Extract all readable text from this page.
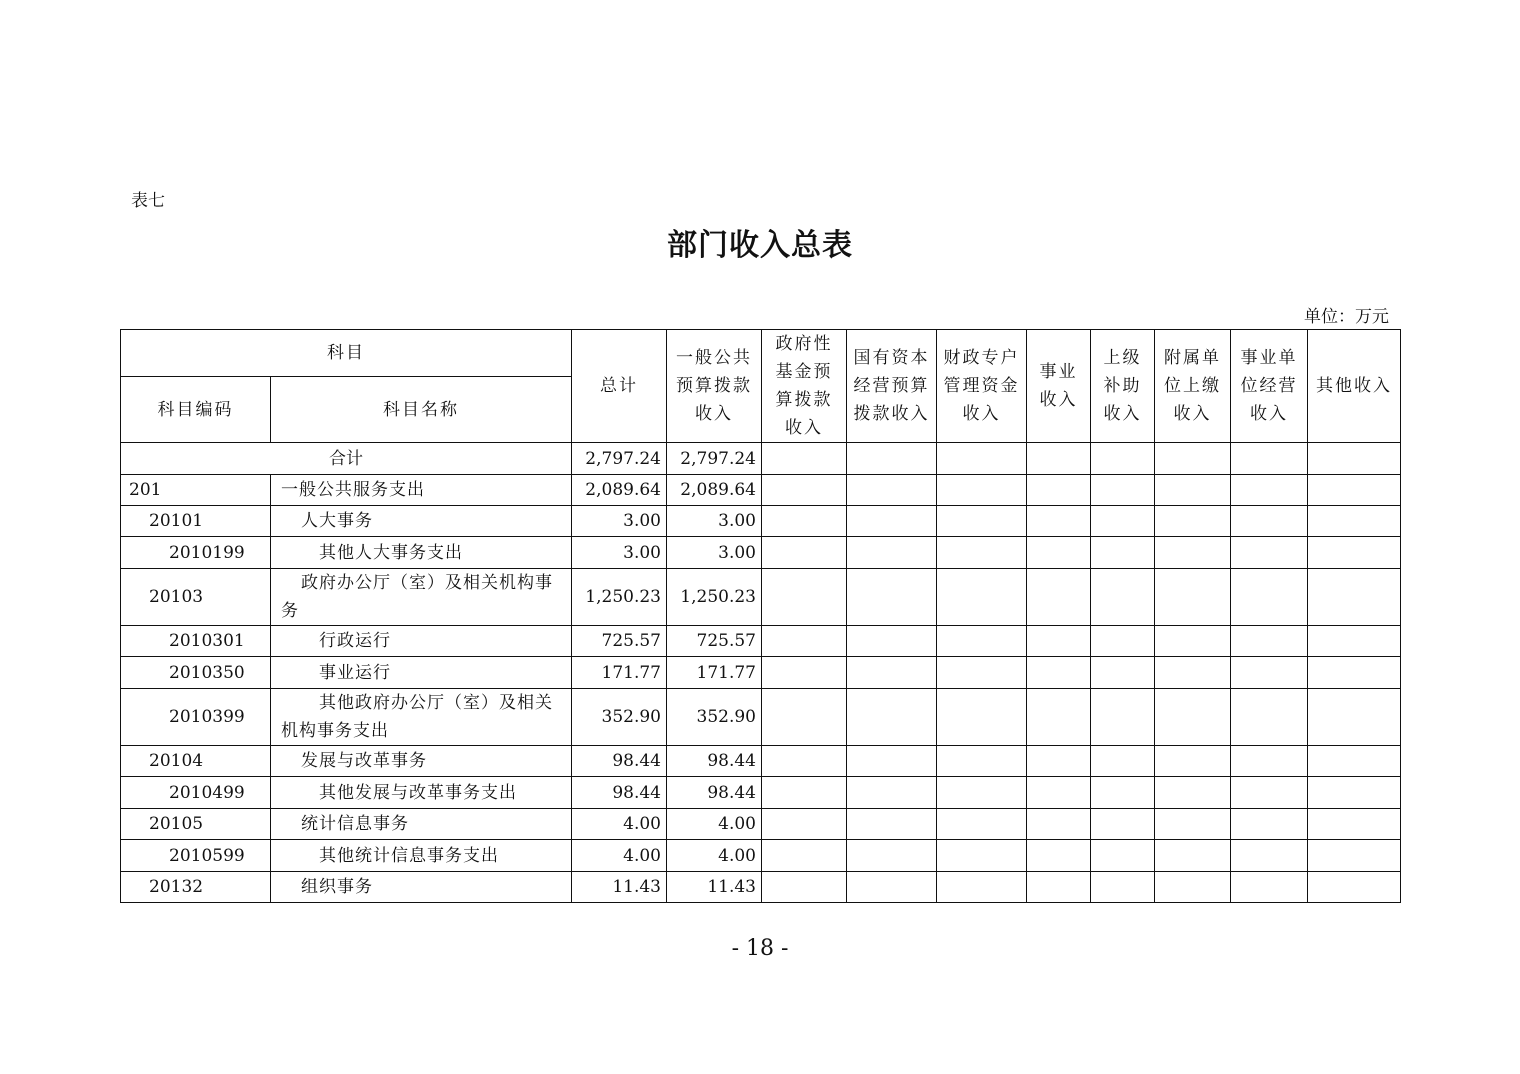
表七
部门收入总表
单位：万元
科目		总计	一般公共预算拨款收入	政府性基金预算拨款收入	国有资本经营预算拨款收入	财政专户管理资金收入	事业收入	上级补助收入	附属单位上缴收入	事业单位经营收入	其他收入
科目编码	科目名称										
合计		2,797.24	2,797.24								
201	一般公共服务支出	2,089.64	2,089.64								
20101	人大事务	3.00	3.00								
2010199	其他人大事务支出	3.00	3.00								
20103	政府办公厅（室）及相关机构事务	1,250.23	1,250.23								
2010301	行政运行	725.57	725.57								
2010350	事业运行	171.77	171.77								
2010399	其他政府办公厅（室）及相关机构事务支出	352.90	352.90								
20104	发展与改革事务	98.44	98.44								
2010499	其他发展与改革事务支出	98.44	98.44								
20105	统计信息事务	4.00	4.00								
2010599	其他统计信息事务支出	4.00	4.00								
20132	组织事务	11.43	11.43								
- 18 -
